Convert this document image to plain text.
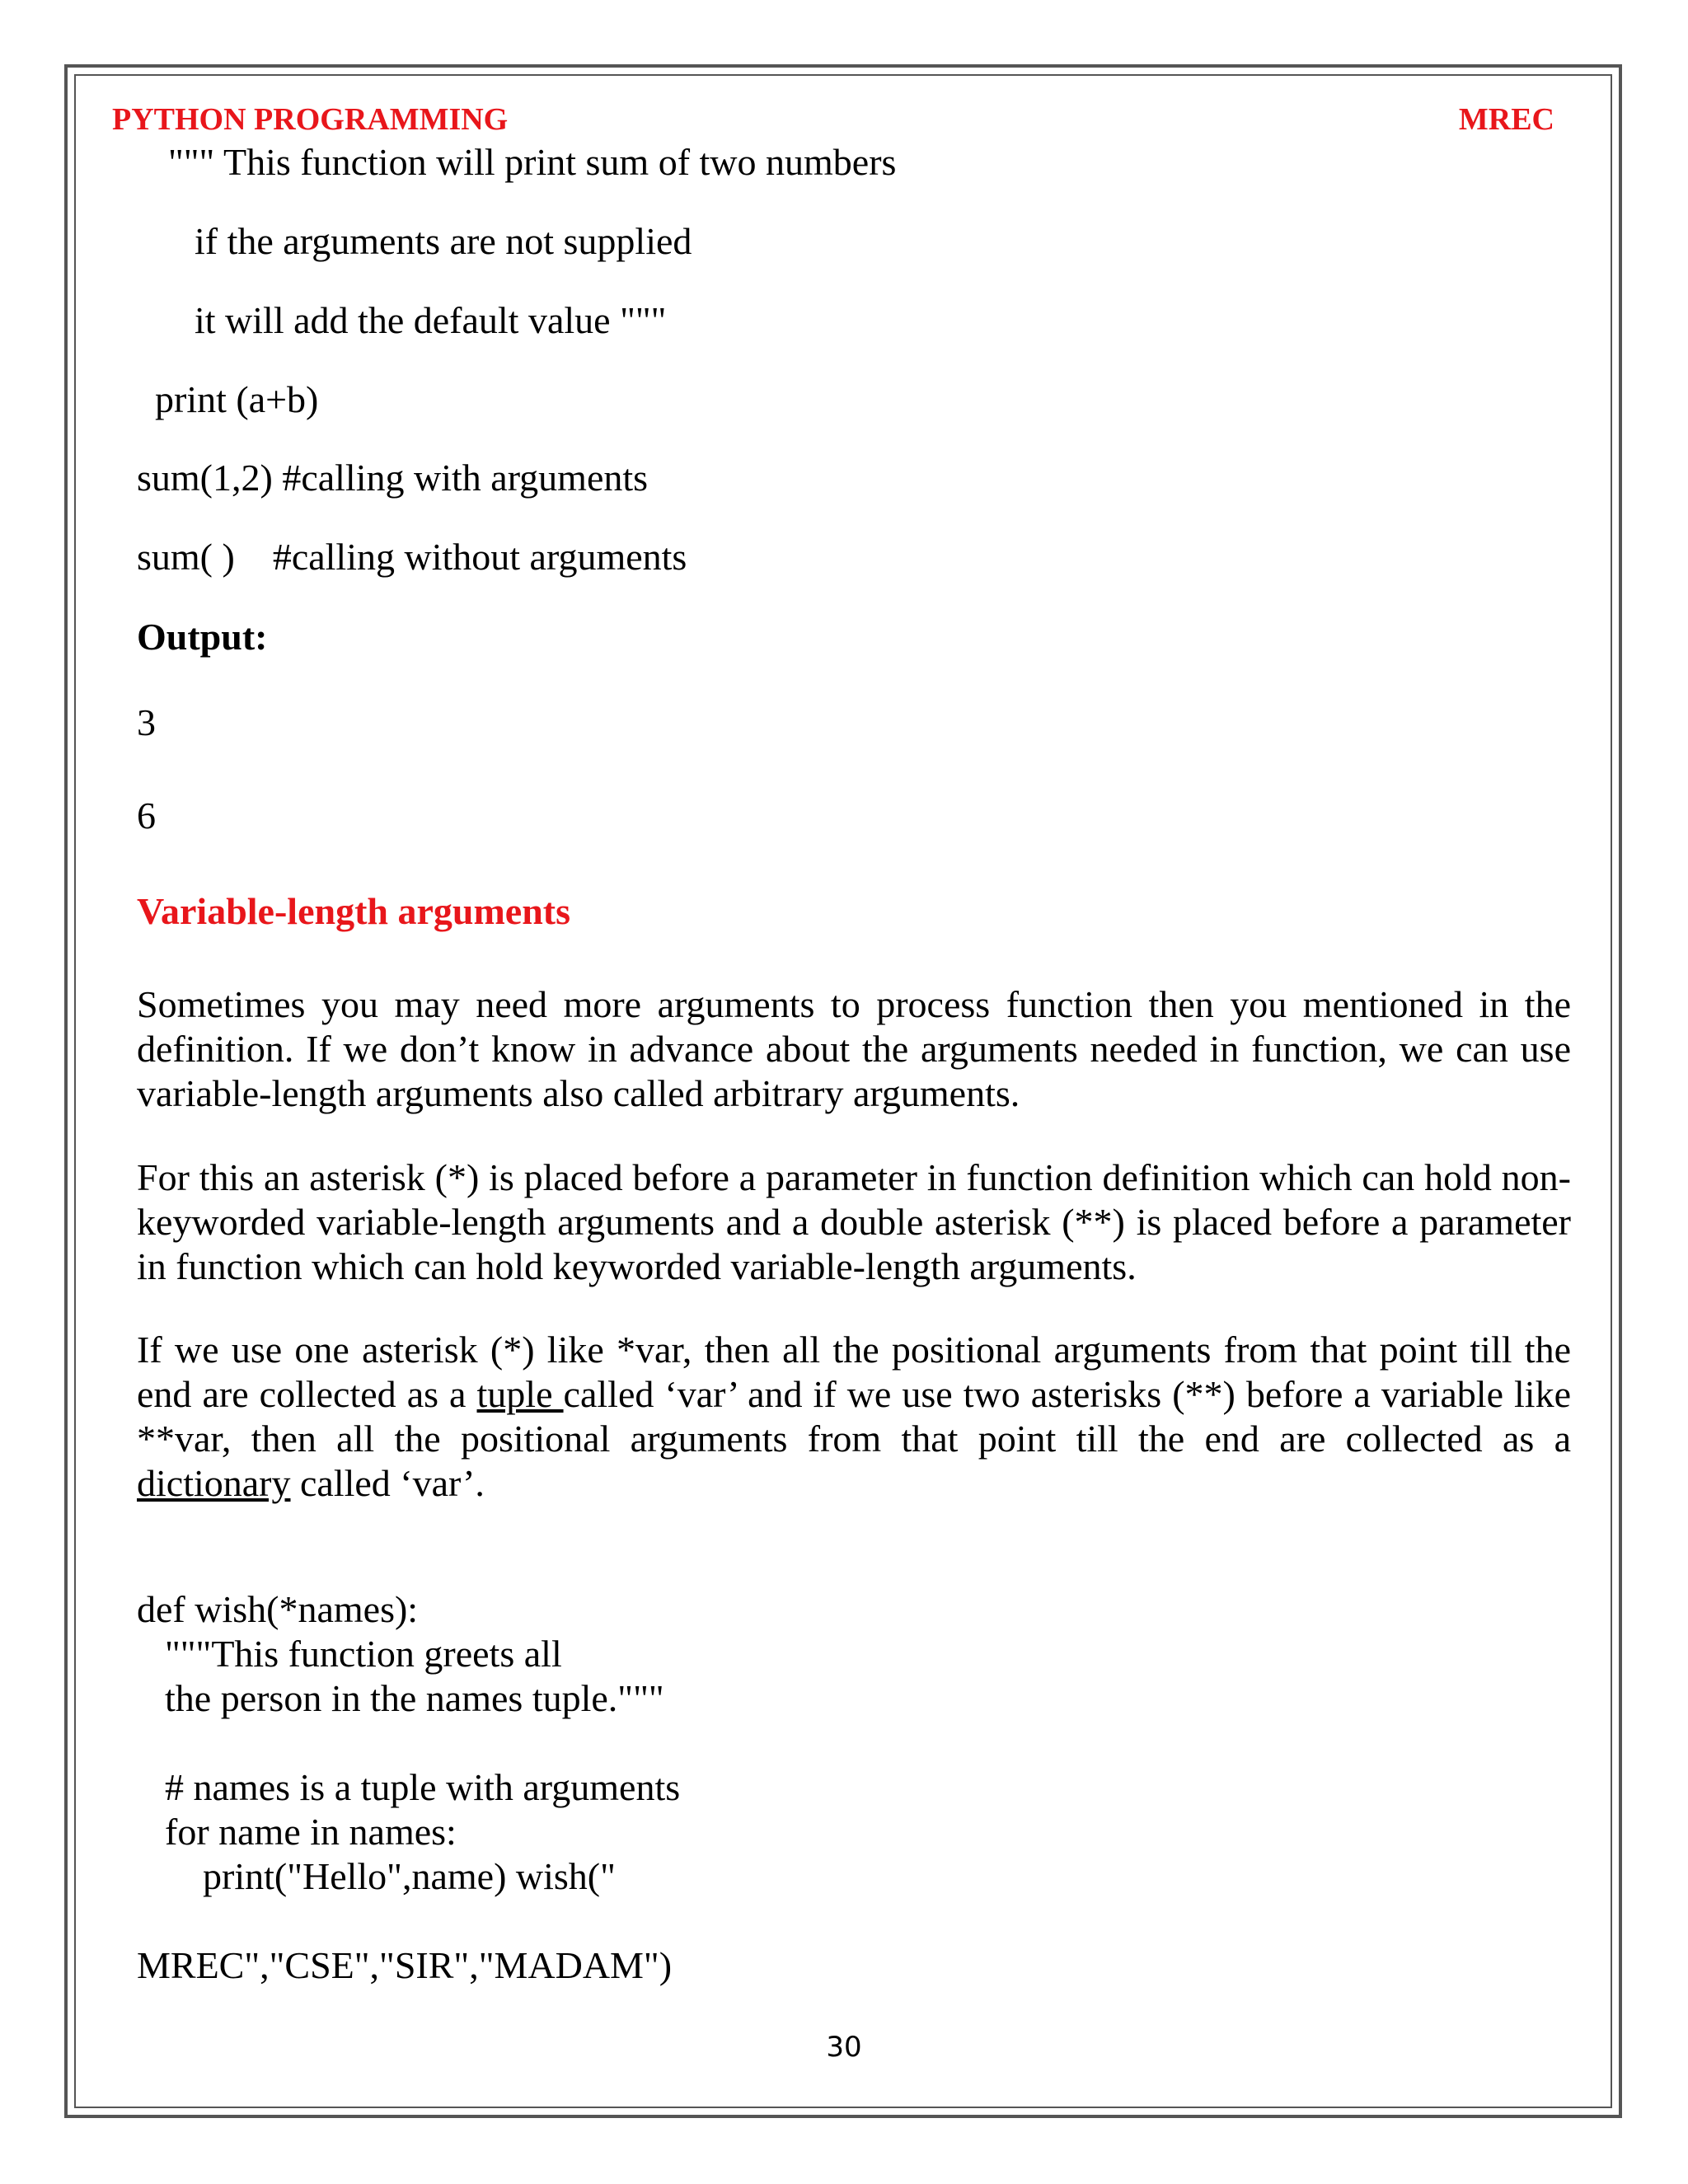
PYTHON PROGRAMMING	MREC
""" This function will print sum of two numbers
if the arguments are not supplied
it will add the default value """
print (a+b)
sum(1,2) #calling with arguments
sum( )    #calling without arguments
Output:
3
6
Variable-length arguments
Sometimes you may need more arguments to process function then you mentioned in the definition. If we don’t know in advance about the arguments needed in function, we can use variable-length arguments also called arbitrary arguments.
For this an asterisk (*) is placed before a parameter in function definition which can hold non-keyworded variable-length arguments and a double asterisk (**) is placed before a parameter in function which can hold keyworded variable-length arguments.
If we use one asterisk (*) like *var, then all the positional arguments from that point till the end are collected as a tuple called ‘var’ and if we use two asterisks (**) before a variable like **var, then all the positional arguments from that point till the end are collected as a dictionary called ‘var’.
def wish(*names):
"""This function greets all
the person in the names tuple."""
# names is a tuple with arguments
for name in names:
print("Hello",name) wish("
MREC","CSE","SIR","MADAM")
30
